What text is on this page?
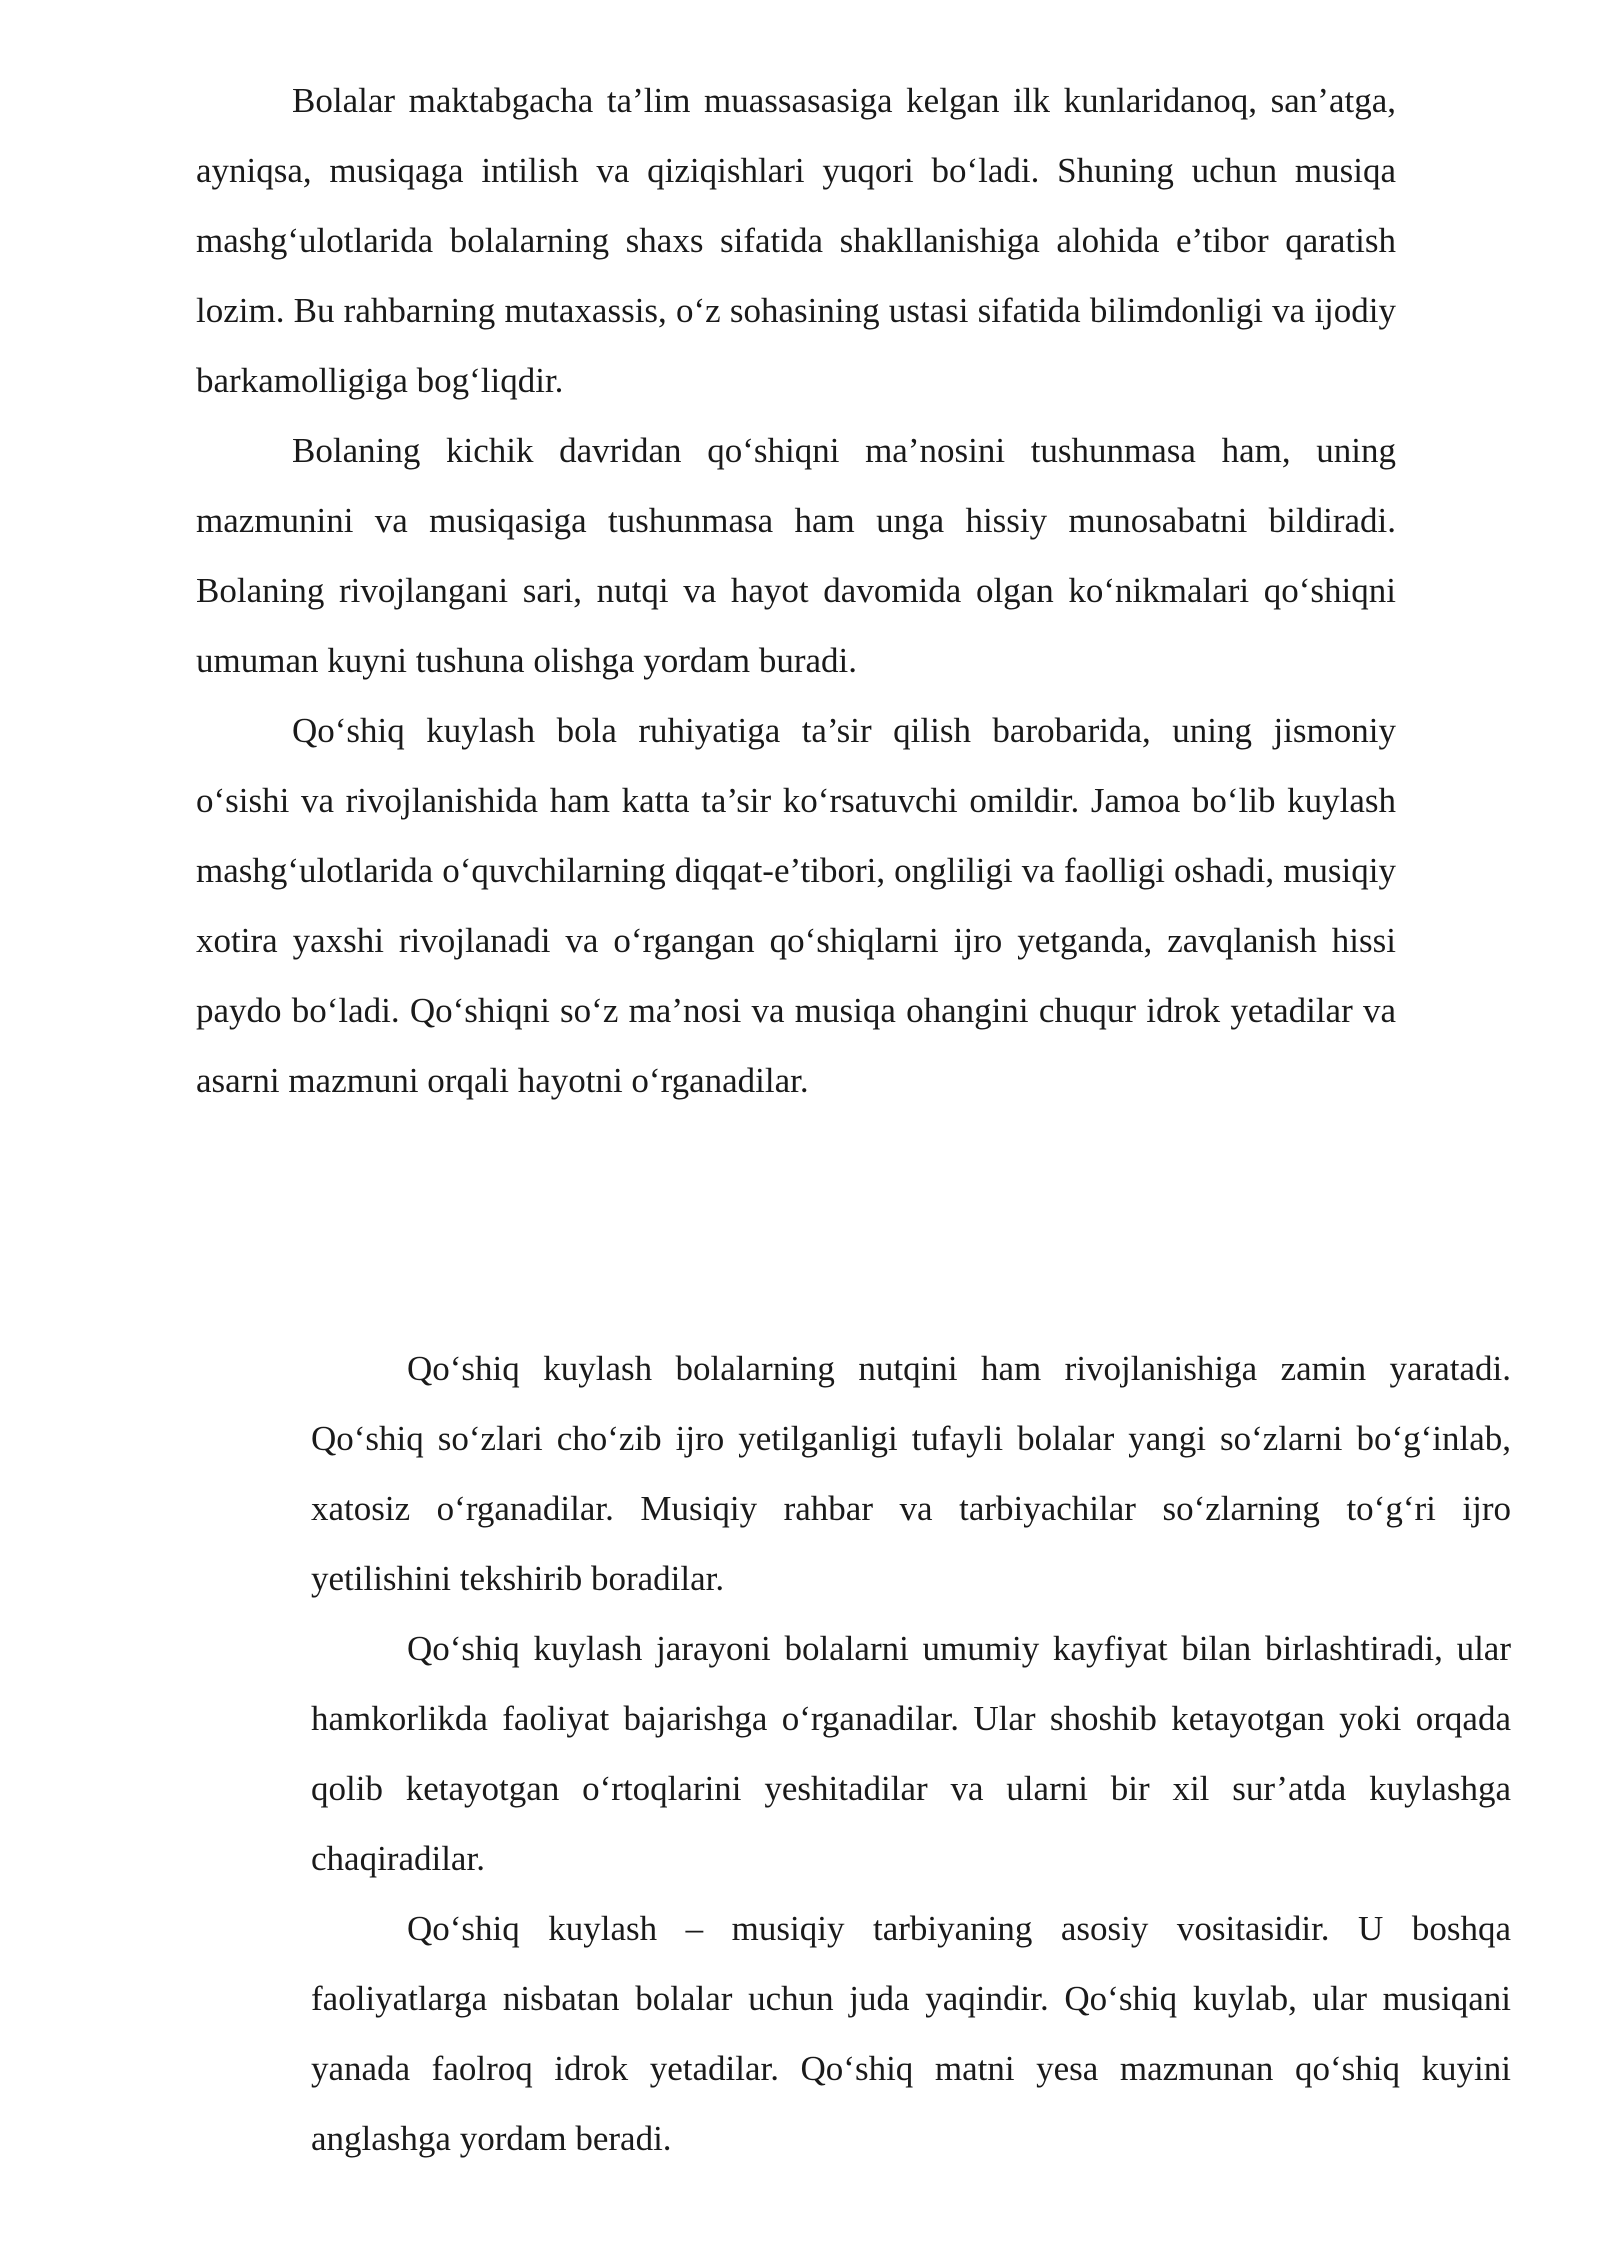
Bolalar maktabgacha ta’lim muassasasiga kelgan ilk kunlaridanoq, san’atga, ayniqsa, musiqaga intilish va qiziqishlari yuqori bo‘ladi. Shuning uchun musiqa mashg‘ulotlarida bolalarning shaxs sifatida shakllanishiga alohida e’tibor qaratish lozim. Bu rahbarning mutaxassis, o‘z sohasining ustasi sifatida bilimdonligi va ijodiy barkamolligiga bog‘liqdir.

Bolaning kichik davridan qo‘shiqni ma’nosini tushunmasa ham, uning mazmunini va musiqasiga tushunmasa ham unga hissiy munosabatni bildiradi. Bolaning rivojlangani sari, nutqi va hayot davomida olgan ko‘nikmalari qo‘shiqni umuman kuyni tushuna olishga yordam buradi.

Qo‘shiq kuylash bola ruhiyatiga ta’sir qilish barobarida, uning jismoniy o‘sishi va rivojlanishida ham katta ta’sir ko‘rsatuvchi omildir. Jamoa bo‘lib kuylash mashg‘ulotlarida o‘quvchilarning diqqat-e’tibori, ongliligi va faolligi oshadi, musiqiy xotira yaxshi rivojlanadi va o‘rgangan qo‘shiqlarni ijro yetganda, zavqlanish hissi paydo bo‘ladi. Qo‘shiqni so‘z ma’nosi va musiqa ohangini chuqur idrok yetadilar va asarni mazmuni orqali hayotni o‘rganadilar.

Qo‘shiq kuylash bolalarning nutqini ham rivojlanishiga zamin yaratadi. Qo‘shiq so‘zlari cho‘zib ijro yetilganligi tufayli bolalar yangi so‘zlarni bo‘g‘inlab, xatosiz o‘rganadilar. Musiqiy rahbar va tarbiyachilar so‘zlarning to‘g‘ri ijro yetilishini tekshirib boradilar.

Qo‘shiq kuylash jarayoni bolalarni umumiy kayfiyat bilan birlashtiradi, ular hamkorlikda faoliyat bajarishga o‘rganadilar. Ular shoshib ketayotgan yoki orqada qolib ketayotgan o‘rtoqlarini yeshitadilar va ularni bir xil sur’atda kuylashga chaqiradilar.

Qo‘shiq kuylash – musiqiy tarbiyaning asosiy vositasidir. U boshqa faoliyatlarga nisbatan bolalar uchun juda yaqindir. Qo‘shiq kuylab, ular musiqani yanada faolroq idrok yetadilar. Qo‘shiq matni yesa mazmunan qo‘shiq kuyini anglashga yordam beradi.
